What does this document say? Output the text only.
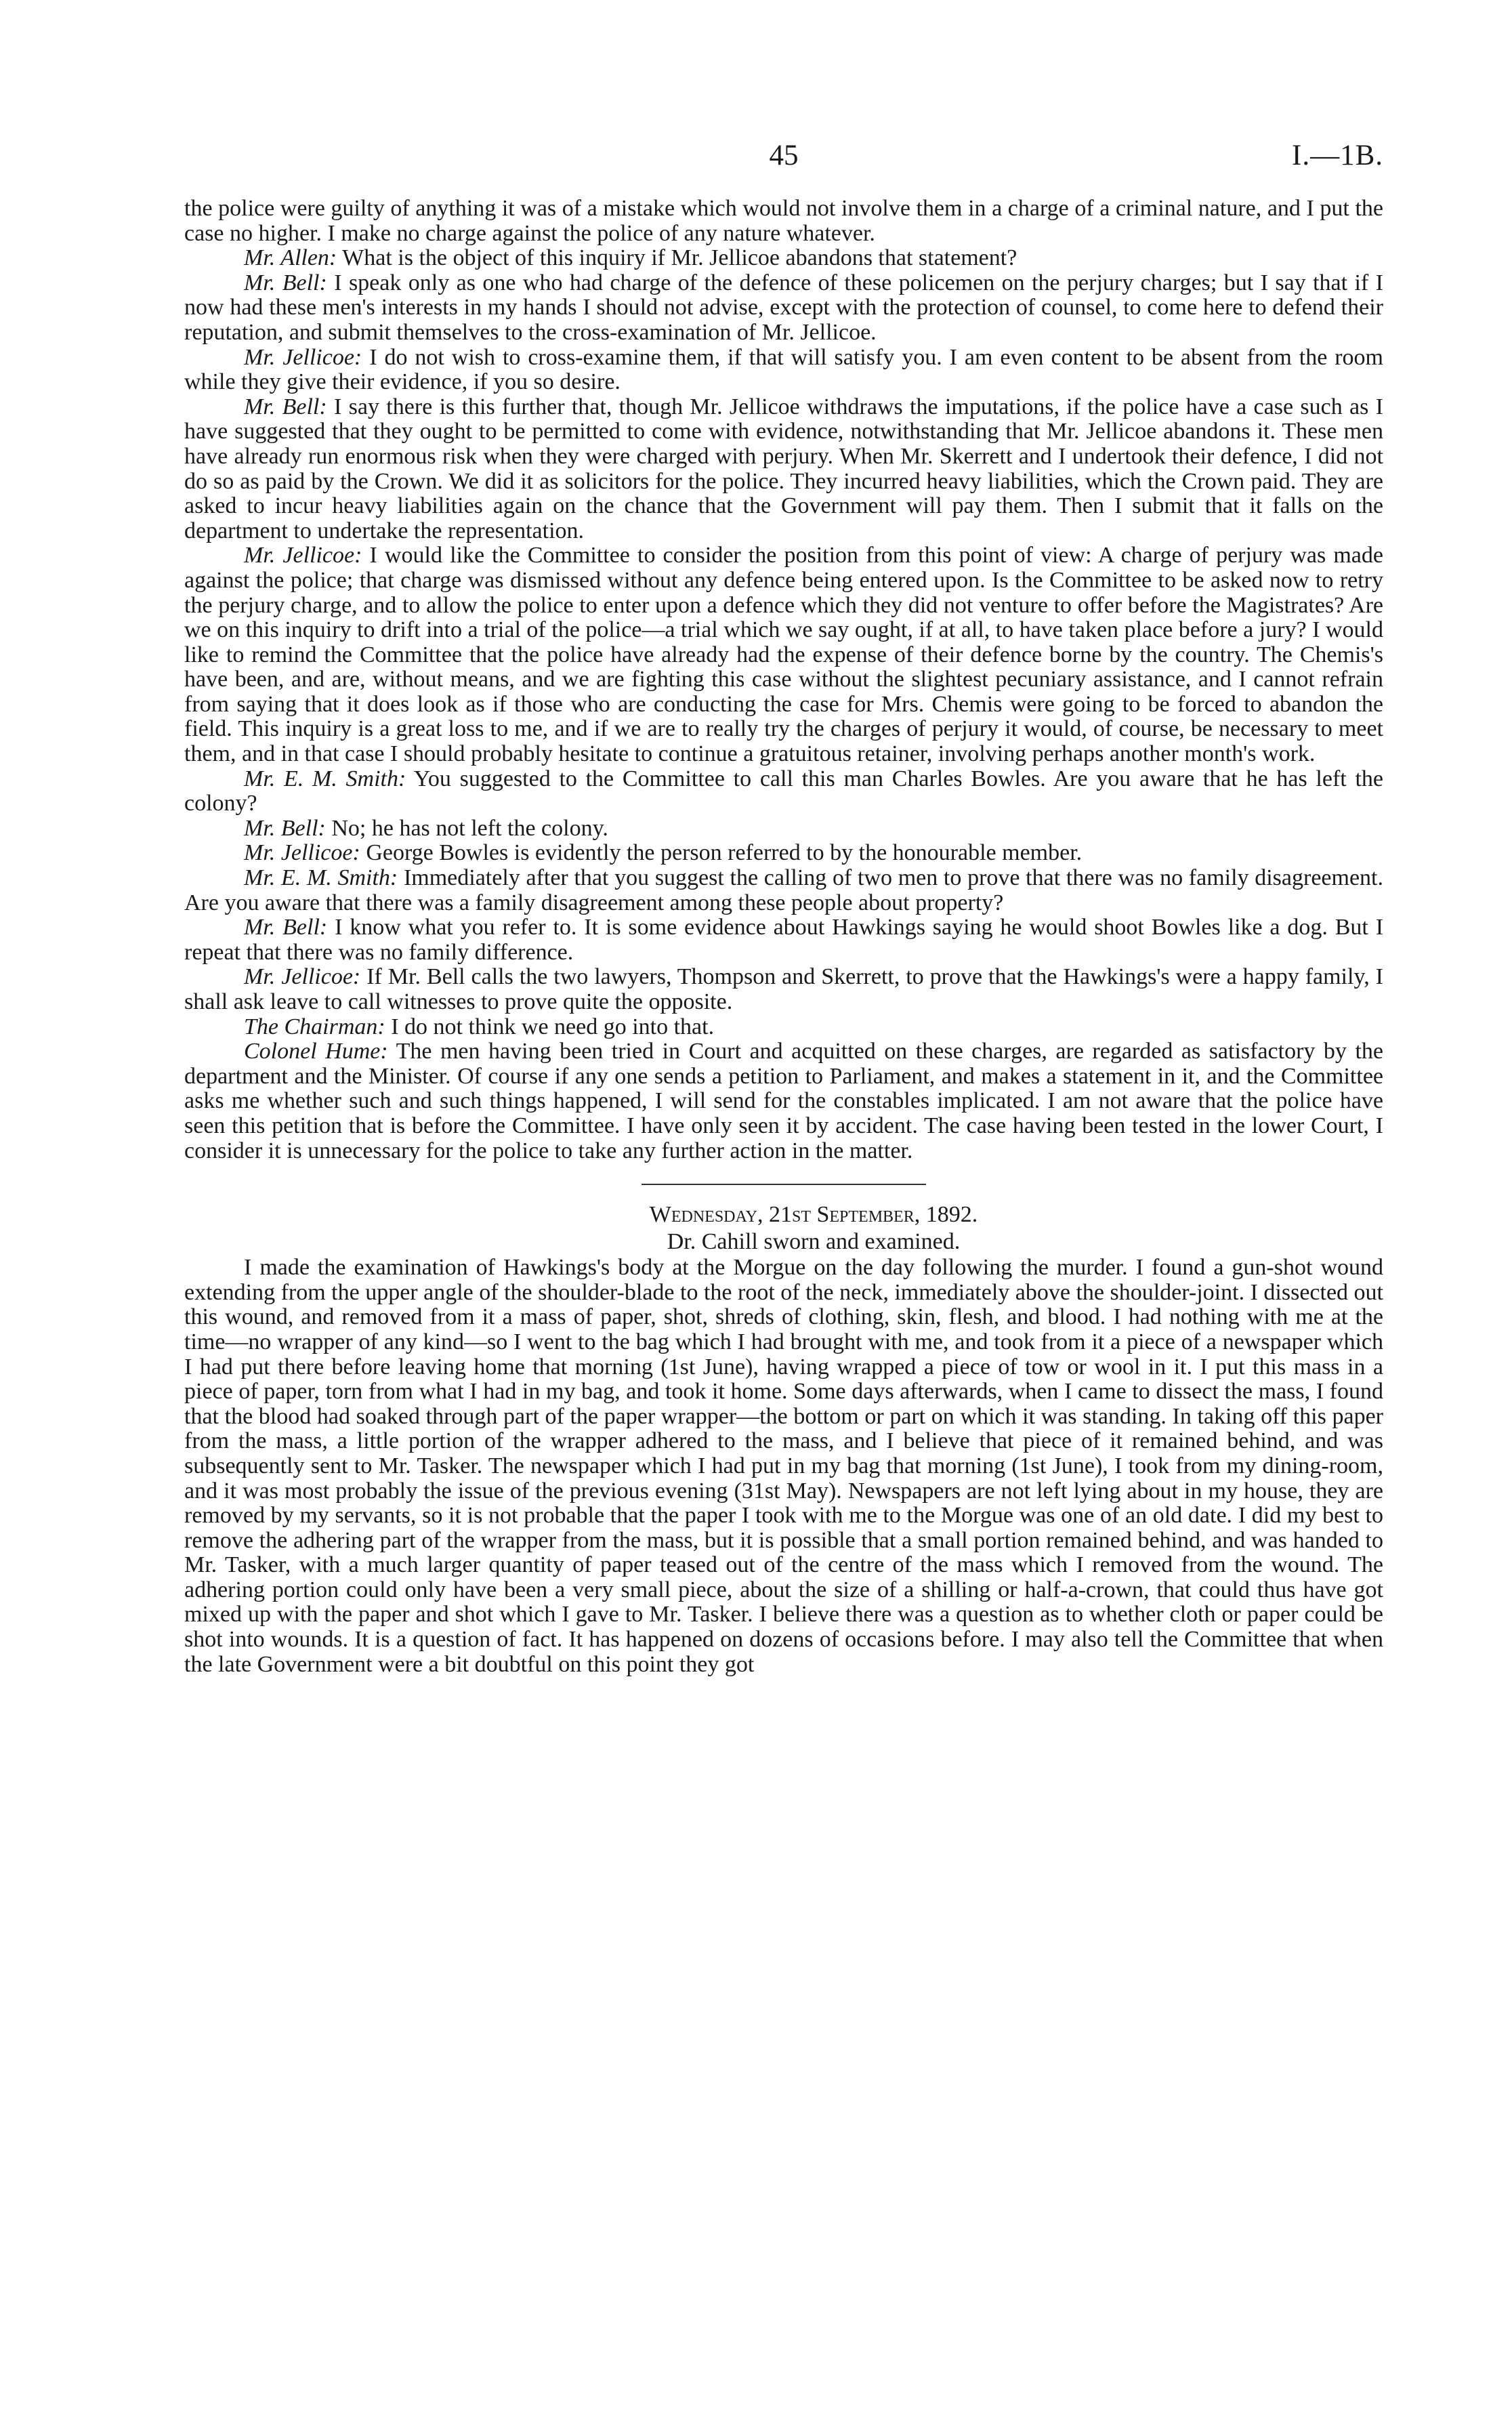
45	I.—1B.

the police were guilty of anything it was of a mistake which would not involve them in a charge of a criminal nature, and I put the case no higher. I make no charge against the police of any nature whatever.

Mr. Allen: What is the object of this inquiry if Mr. Jellicoe abandons that statement?

Mr. Bell: I speak only as one who had charge of the defence of these policemen on the perjury charges; but I say that if I now had these men's interests in my hands I should not advise, except with the protection of counsel, to come here to defend their reputation, and submit themselves to the cross-examination of Mr. Jellicoe.

Mr. Jellicoe: I do not wish to cross-examine them, if that will satisfy you. I am even content to be absent from the room while they give their evidence, if you so desire.

Mr. Bell: I say there is this further that, though Mr. Jellicoe withdraws the imputations, if the police have a case such as I have suggested that they ought to be permitted to come with evidence, notwithstanding that Mr. Jellicoe abandons it. These men have already run enormous risk when they were charged with perjury. When Mr. Skerrett and I undertook their defence, I did not do so as paid by the Crown. We did it as solicitors for the police. They incurred heavy liabilities, which the Crown paid. They are asked to incur heavy liabilities again on the chance that the Government will pay them. Then I submit that it falls on the department to undertake the representation.

Mr. Jellicoe: I would like the Committee to consider the position from this point of view: A charge of perjury was made against the police; that charge was dismissed without any defence being entered upon. Is the Committee to be asked now to retry the perjury charge, and to allow the police to enter upon a defence which they did not venture to offer before the Magistrates? Are we on this inquiry to drift into a trial of the police—a trial which we say ought, if at all, to have taken place before a jury? I would like to remind the Committee that the police have already had the expense of their defence borne by the country. The Chemis's have been, and are, without means, and we are fighting this case without the slightest pecuniary assistance, and I cannot refrain from saying that it does look as if those who are conducting the case for Mrs. Chemis were going to be forced to abandon the field. This inquiry is a great loss to me, and if we are to really try the charges of perjury it would, of course, be necessary to meet them, and in that case I should probably hesitate to continue a gratuitous retainer, involving perhaps another month's work.

Mr. E. M. Smith: You suggested to the Committee to call this man Charles Bowles. Are you aware that he has left the colony?

Mr. Bell: No; he has not left the colony.

Mr. Jellicoe: George Bowles is evidently the person referred to by the honourable member.

Mr. E. M. Smith: Immediately after that you suggest the calling of two men to prove that there was no family disagreement. Are you aware that there was a family disagreement among these people about property?

Mr. Bell: I know what you refer to. It is some evidence about Hawkings saying he would shoot Bowles like a dog. But I repeat that there was no family difference.

Mr. Jellicoe: If Mr. Bell calls the two lawyers, Thompson and Skerrett, to prove that the Hawkings's were a happy family, I shall ask leave to call witnesses to prove quite the opposite.

The Chairman: I do not think we need go into that.

Colonel Hume: The men having been tried in Court and acquitted on these charges, are regarded as satisfactory by the department and the Minister. Of course if any one sends a petition to Parliament, and makes a statement in it, and the Committee asks me whether such and such things happened, I will send for the constables implicated. I am not aware that the police have seen this petition that is before the Committee. I have only seen it by accident. The case having been tested in the lower Court, I consider it is unnecessary for the police to take any further action in the matter.

Wednesday, 21st September, 1892.

Dr. Cahill sworn and examined.

I made the examination of Hawkings's body at the Morgue on the day following the murder. I found a gun-shot wound extending from the upper angle of the shoulder-blade to the root of the neck, immediately above the shoulder-joint. I dissected out this wound, and removed from it a mass of paper, shot, shreds of clothing, skin, flesh, and blood. I had nothing with me at the time—no wrapper of any kind—so I went to the bag which I had brought with me, and took from it a piece of a newspaper which I had put there before leaving home that morning (1st June), having wrapped a piece of tow or wool in it. I put this mass in a piece of paper, torn from what I had in my bag, and took it home. Some days afterwards, when I came to dissect the mass, I found that the blood had soaked through part of the paper wrapper—the bottom or part on which it was standing. In taking off this paper from the mass, a little portion of the wrapper adhered to the mass, and I believe that piece of it remained behind, and was subsequently sent to Mr. Tasker. The newspaper which I had put in my bag that morning (1st June), I took from my dining-room, and it was most probably the issue of the previous evening (31st May). Newspapers are not left lying about in my house, they are removed by my servants, so it is not probable that the paper I took with me to the Morgue was one of an old date. I did my best to remove the adhering part of the wrapper from the mass, but it is possible that a small portion remained behind, and was handed to Mr. Tasker, with a much larger quantity of paper teased out of the centre of the mass which I removed from the wound. The adhering portion could only have been a very small piece, about the size of a shilling or half-a-crown, that could thus have got mixed up with the paper and shot which I gave to Mr. Tasker. I believe there was a question as to whether cloth or paper could be shot into wounds. It is a question of fact. It has happened on dozens of occasions before. I may also tell the Committee that when the late Government were a bit doubtful on this point they got
